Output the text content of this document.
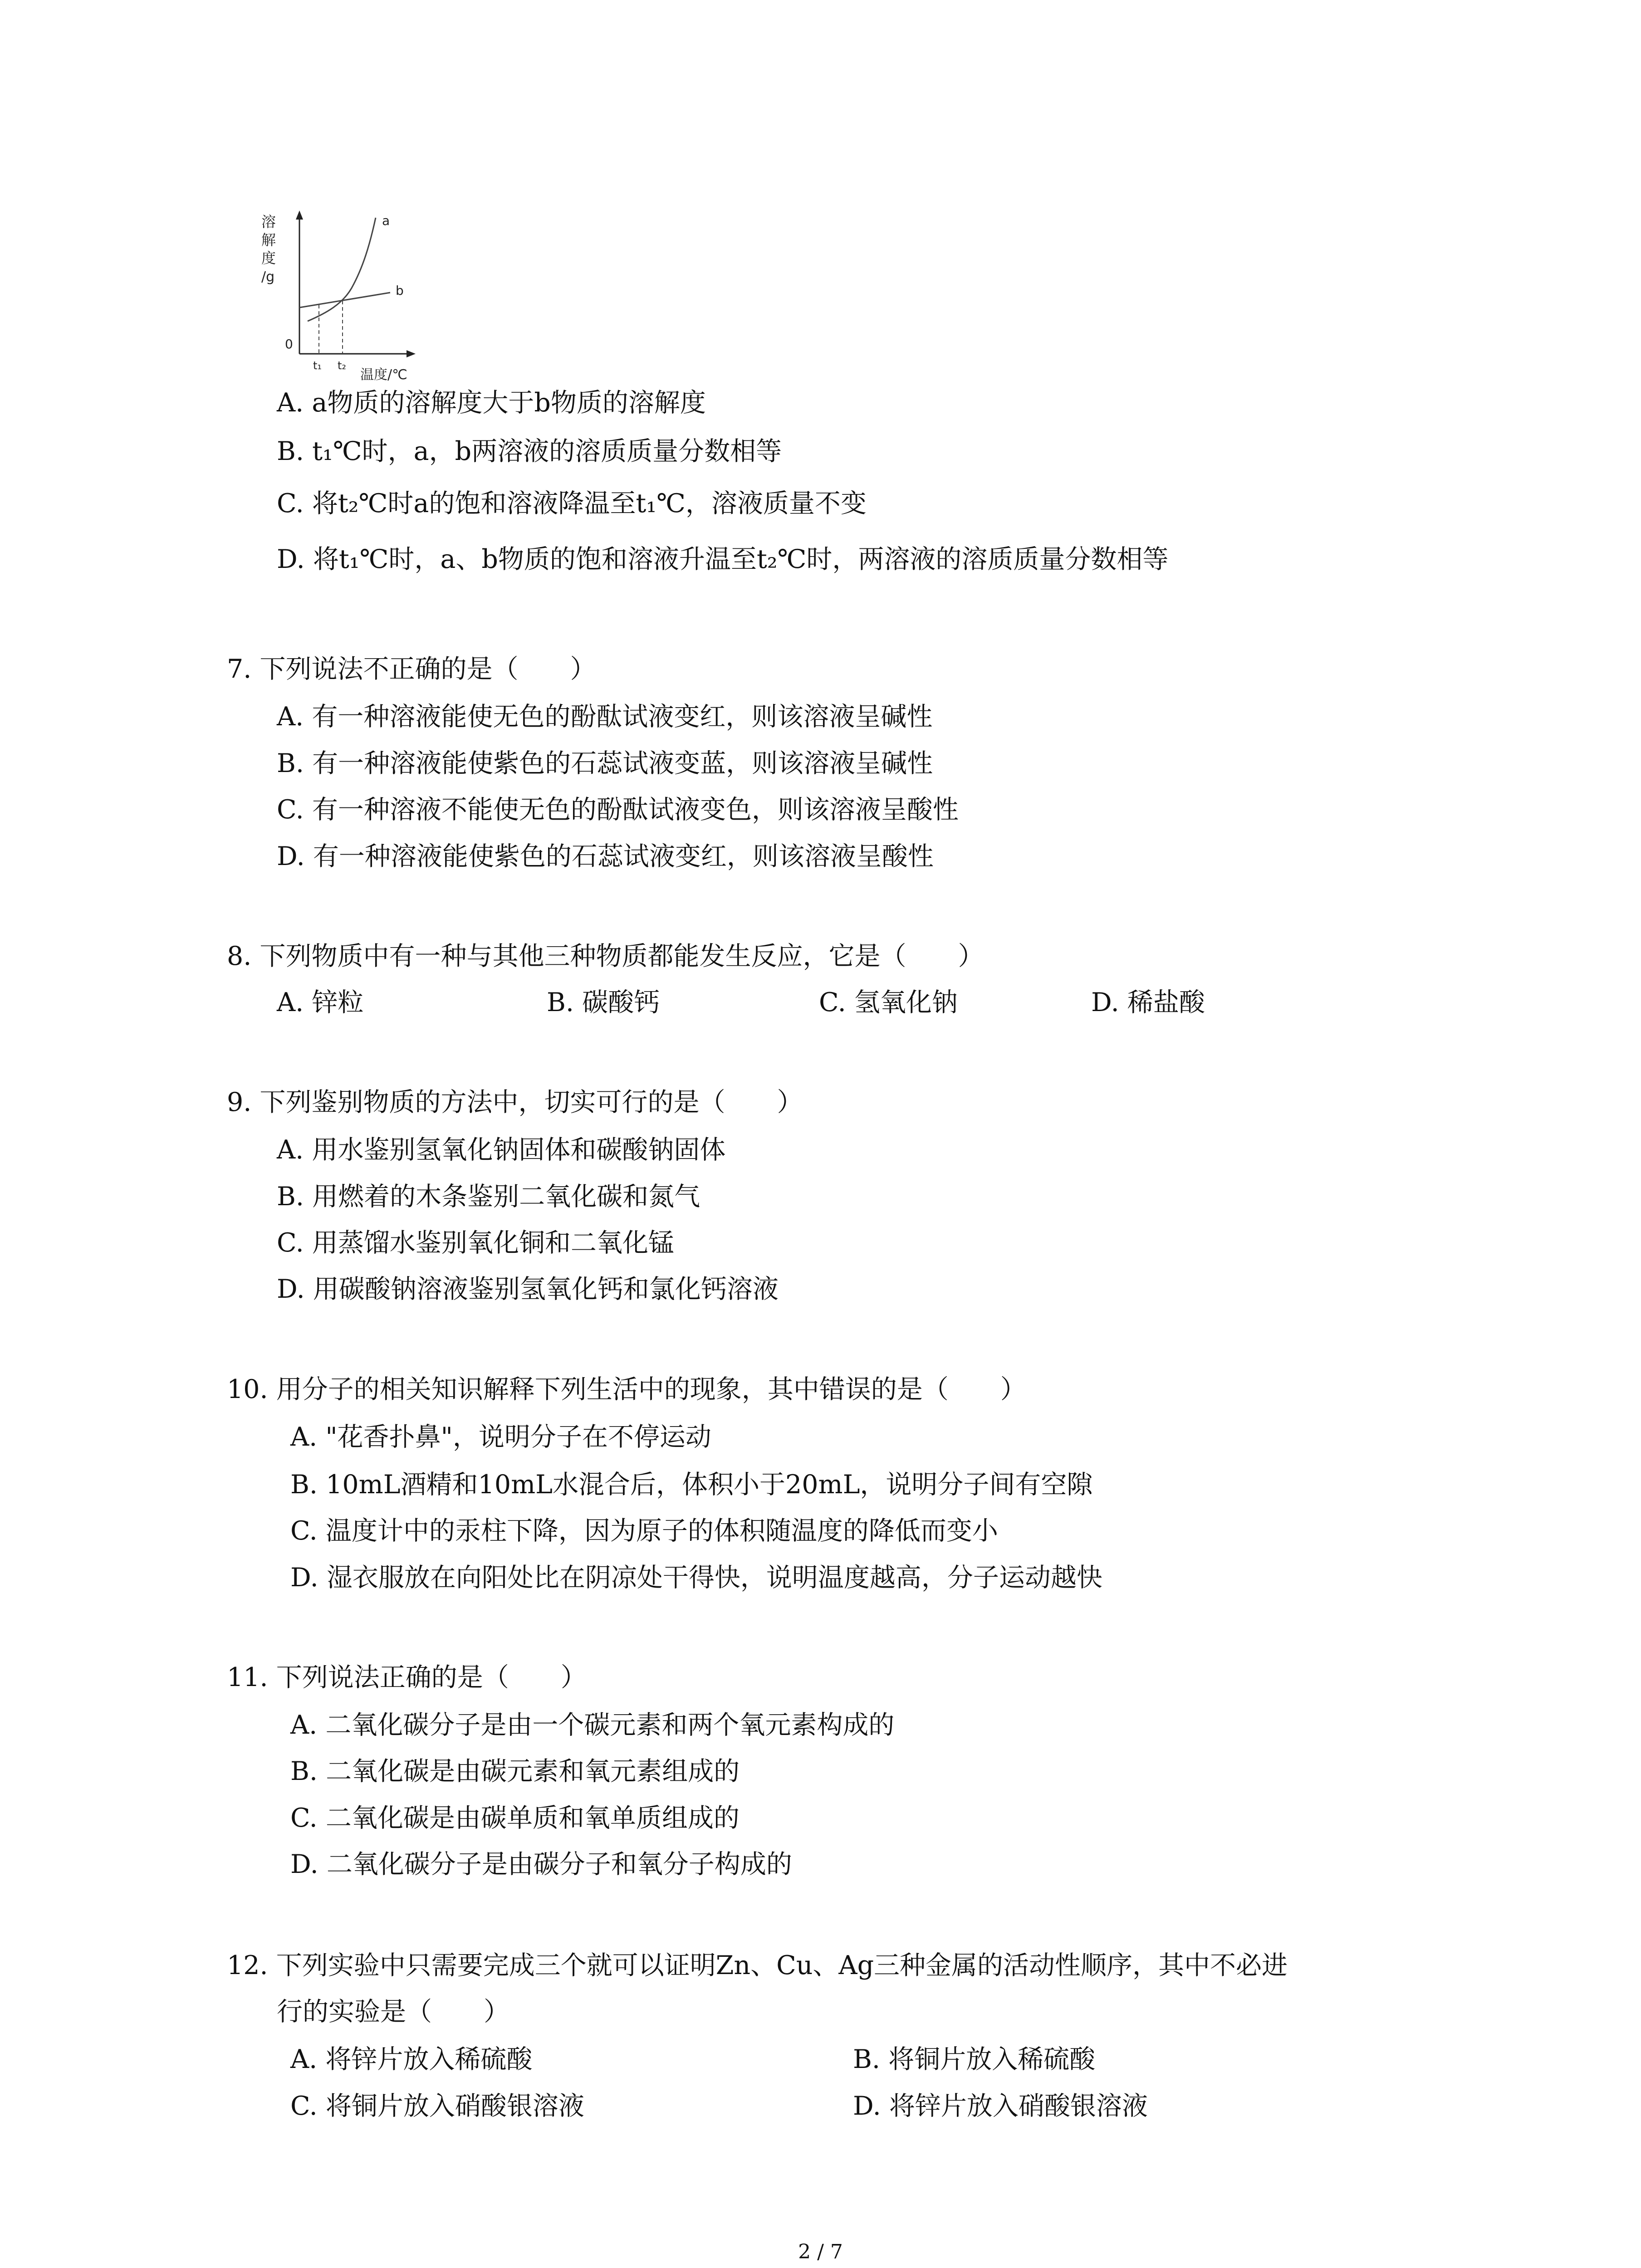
溶
解
度
/g
0
a
b
t₁ t₂
温度/℃
A. a物质的溶解度大于b物质的溶解度
B. t₁℃时，a，b两溶液的溶质质量分数相等
C. 将t₂℃时a的饱和溶液降温至t₁℃，溶液质量不变
D. 将t₁℃时，a、b物质的饱和溶液升温至t₂℃时，两溶液的溶质质量分数相等
7. 下列说法不正确的是（　　）
A. 有一种溶液能使无色的酚酞试液变红，则该溶液呈碱性
B. 有一种溶液能使紫色的石蕊试液变蓝，则该溶液呈碱性
C. 有一种溶液不能使无色的酚酞试液变色，则该溶液呈酸性
D. 有一种溶液能使紫色的石蕊试液变红，则该溶液呈酸性
8. 下列物质中有一种与其他三种物质都能发生反应，它是（　　）
A. 锌粒	B. 碳酸钙	C. 氢氧化钠	D. 稀盐酸
9. 下列鉴别物质的方法中，切实可行的是（　　）
A. 用水鉴别氢氧化钠固体和碳酸钠固体
B. 用燃着的木条鉴别二氧化碳和氮气
C. 用蒸馏水鉴别氧化铜和二氧化锰
D. 用碳酸钠溶液鉴别氢氧化钙和氯化钙溶液
10. 用分子的相关知识解释下列生活中的现象，其中错误的是（　　）
A. "花香扑鼻"，说明分子在不停运动
B. 10mL酒精和10mL水混合后，体积小于20mL，说明分子间有空隙
C. 温度计中的汞柱下降，因为原子的体积随温度的降低而变小
D. 湿衣服放在向阳处比在阴凉处干得快，说明温度越高，分子运动越快
11. 下列说法正确的是（　　）
A. 二氧化碳分子是由一个碳元素和两个氧元素构成的
B. 二氧化碳是由碳元素和氧元素组成的
C. 二氧化碳是由碳单质和氧单质组成的
D. 二氧化碳分子是由碳分子和氧分子构成的
12. 下列实验中只需要完成三个就可以证明Zn、Cu、Ag三种金属的活动性顺序，其中不必进
行的实验是（　　）
A. 将锌片放入稀硫酸	B. 将铜片放入稀硫酸
C. 将铜片放入硝酸银溶液	D. 将锌片放入硝酸银溶液
2 / 7
